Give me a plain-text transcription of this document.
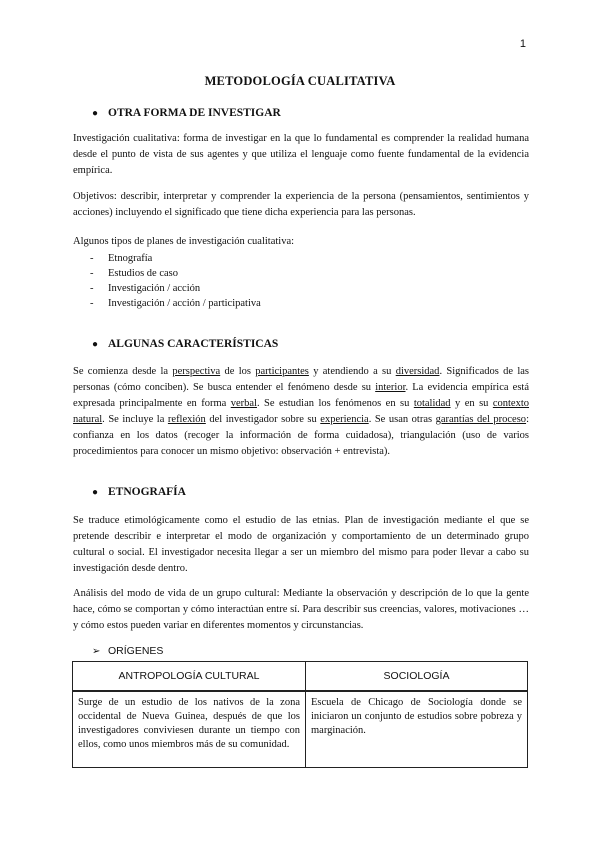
1
METODOLOGÍA CUALITATIVA
● OTRA FORMA DE INVESTIGAR
Investigación cualitativa: forma de investigar en la que lo fundamental es comprender la realidad humana desde el punto de vista de sus agentes y que utiliza el lenguaje como fuente fundamental de la evidencia empírica.
Objetivos: describir, interpretar y comprender la experiencia de la persona (pensamientos, sentimientos y acciones) incluyendo el significado que tiene dicha experiencia para las personas.
Algunos tipos de planes de investigación cualitativa:
- Etnografía
- Estudios de caso
- Investigación / acción
- Investigación / acción / participativa
● ALGUNAS CARACTERÍSTICAS
Se comienza desde la perspectiva de los participantes y atendiendo a su diversidad. Significados de las personas (cómo conciben). Se busca entender el fenómeno desde su interior. La evidencia empírica está expresada principalmente en forma verbal. Se estudian los fenómenos en su totalidad y en su contexto natural. Se incluye la reflexión del investigador sobre su experiencia. Se usan otras garantías del proceso: confianza en los datos (recoger la información de forma cuidadosa), triangulación (uso de varios procedimientos para conocer un mismo objetivo: observación + entrevista).
● ETNOGRAFÍA
Se traduce etimológicamente como el estudio de las etnias. Plan de investigación mediante el que se pretende describir e interpretar el modo de organización y comportamiento de un determinado grupo cultural o social. El investigador necesita llegar a ser un miembro del mismo para poder llevar a cabo su investigación desde dentro.
Análisis del modo de vida de un grupo cultural: Mediante la observación y descripción de lo que la gente hace, cómo se comportan y cómo interactúan entre sí. Para describir sus creencias, valores, motivaciones … y cómo estos pueden variar en diferentes momentos y circunstancias.
➢ ORÍGENES
ANTROPOLOGÍA CULTURAL	SOCIOLOGÍA
Surge de un estudio de los nativos de la zona occidental de Nueva Guinea, después de que los investigadores conviviesen durante un tiempo con ellos, como unos miembros más de su comunidad.	Escuela de Chicago de Sociología donde se iniciaron un conjunto de estudios sobre pobreza y marginación.
